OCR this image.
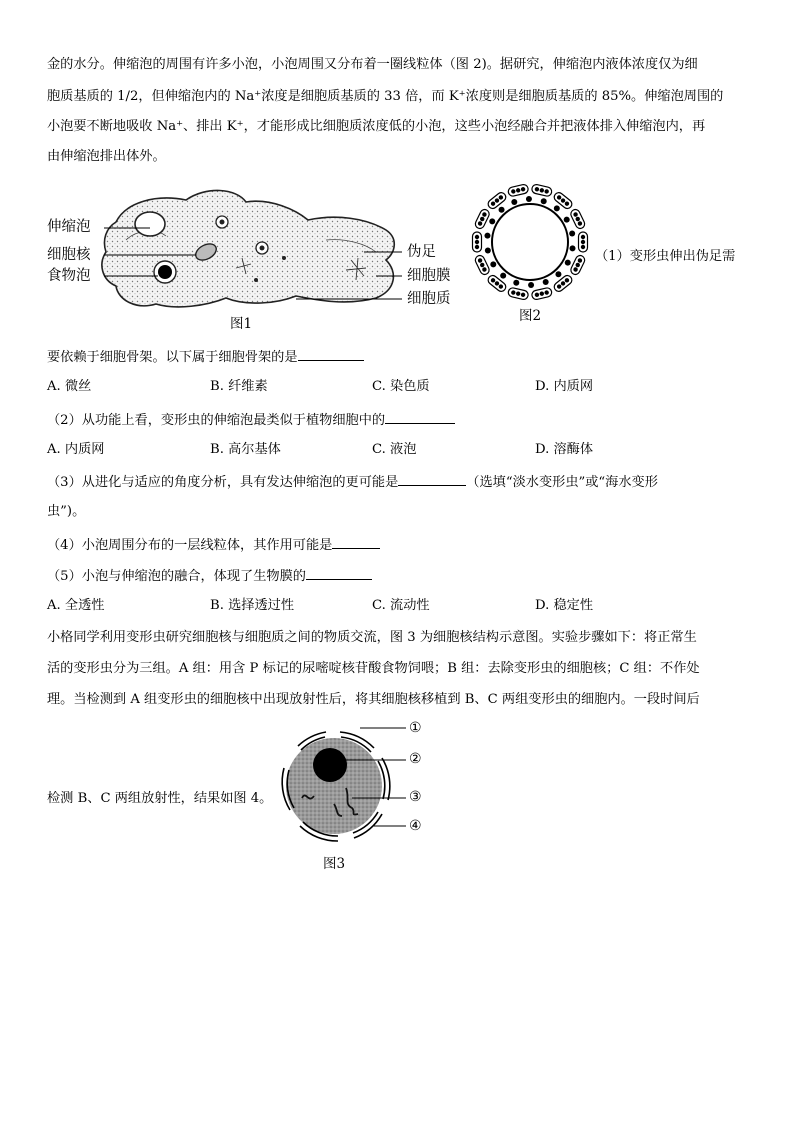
金的水分。伸缩泡的周围有许多小泡，小泡周围又分布着一圈线粒体（图 2)。据研究，伸缩泡内液体浓度仅为细
胞质基质的 1/2，但伸缩泡内的 Na⁺浓度是细胞质基质的 33 倍，而 K⁺浓度则是细胞质基质的 85%。伸缩泡周围的
小泡要不断地吸收 Na⁺、排出 K⁺，才能形成比细胞质浓度低的小泡，这些小泡经融合并把液体排入伸缩泡内，再
由伸缩泡排出体外。
伸缩泡
细胞核
食物泡
伪足
细胞膜
细胞质
图1	图2
（1）变形虫伸出伪足需
要依赖于细胞骨架。以下属于细胞骨架的是
A. 微丝	B. 纤维素	C. 染色质	D. 内质网
（2）从功能上看，变形虫的伸缩泡最类似于植物细胞中的
A. 内质网	B. 高尔基体	C. 液泡	D. 溶酶体
（3）从进化与适应的角度分析，具有发达伸缩泡的更可能是	（选填“淡水变形虫”或“海水变形
虫”)。
（4）小泡周围分布的一层线粒体，其作用可能是
（5）小泡与伸缩泡的融合，体现了生物膜的
A. 全透性	B. 选择透过性	C. 流动性	D. 稳定性
小格同学利用变形虫研究细胞核与细胞质之间的物质交流，图 3 为细胞核结构示意图。实验步骤如下：将正常生
活的变形虫分为三组。A 组：用含 P 标记的尿嘧啶核苷酸食物饲喂；B 组：去除变形虫的细胞核；C 组：不作处
理。当检测到 A 组变形虫的细胞核中出现放射性后，将其细胞核移植到 B、C 两组变形虫的细胞内。一段时间后
检测 B、C 两组放射性，结果如图 4。
①
②
③
④
图3
